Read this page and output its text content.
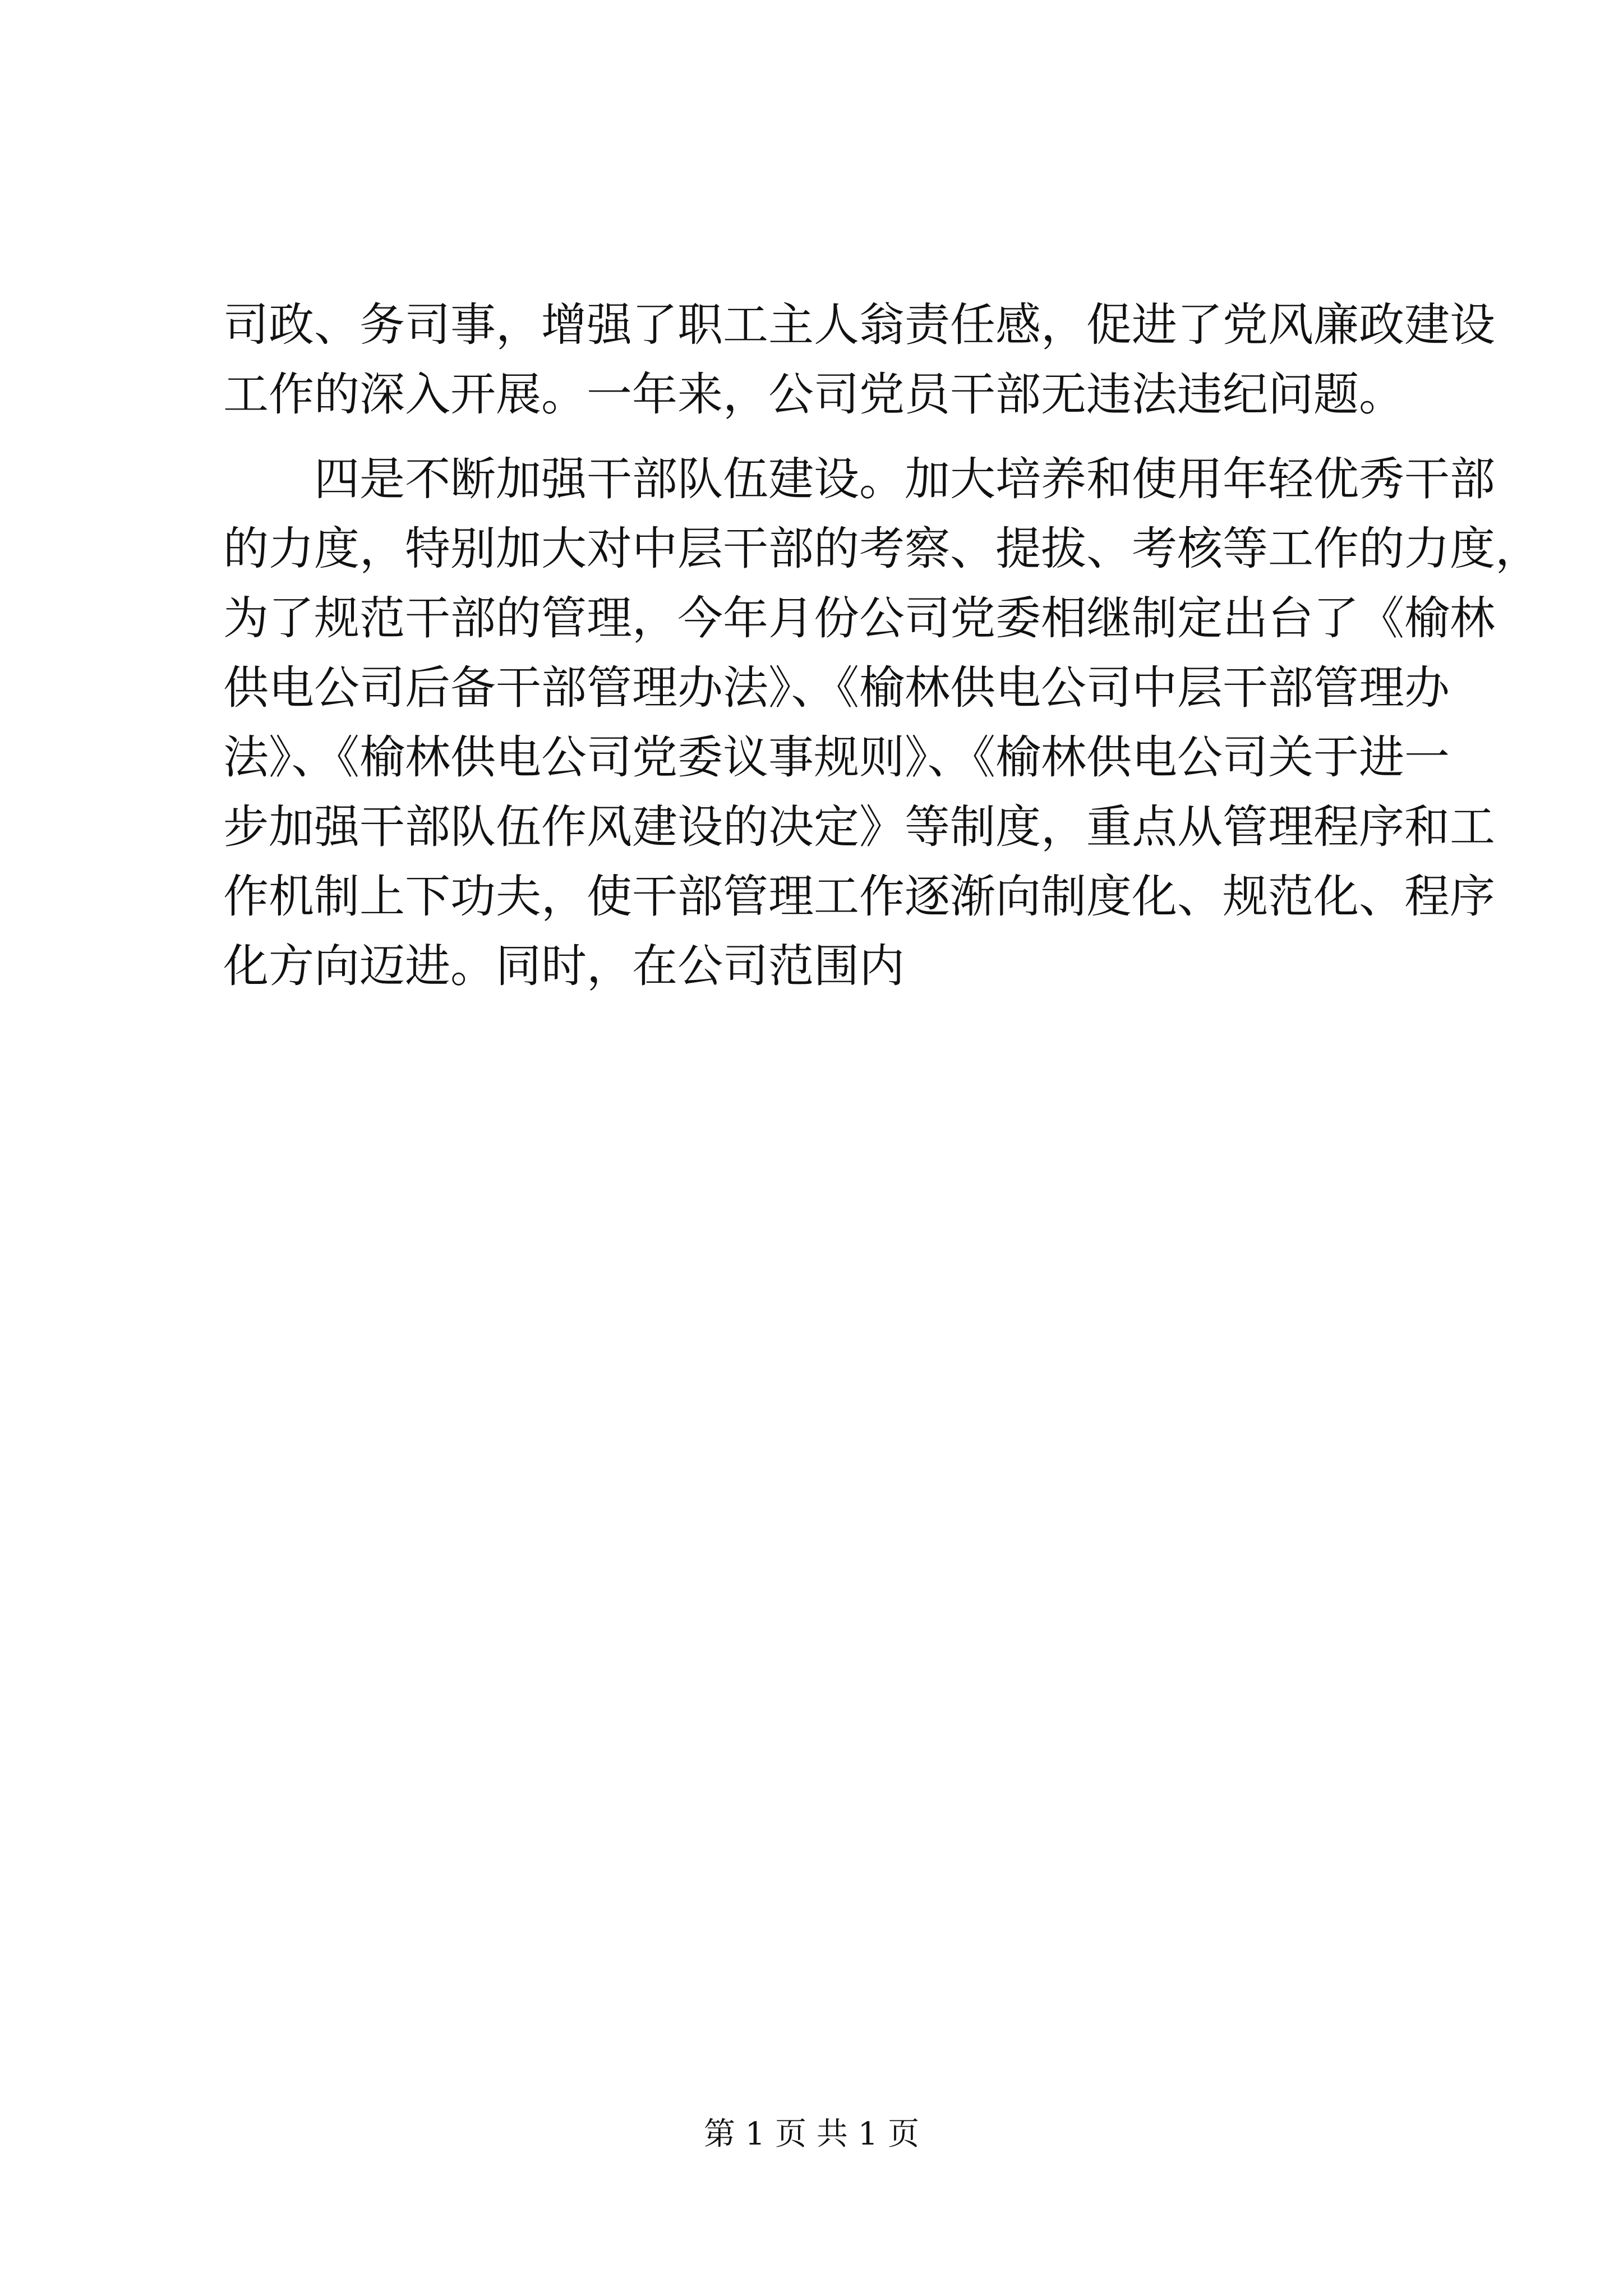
司政、务司事，增强了职工主人翁责任感，促进了党风廉政建设
工作的深入开展。一年来，公司党员干部无违法违纪问题。
四是不断加强干部队伍建设。加大培养和使用年轻优秀干部
的力度，特别加大对中层干部的考察、提拔、考核等工作的力度，
为了规范干部的管理，今年月份公司党委相继制定出台了《榆林
供电公司后备干部管理办法》、《榆林供电公司中层干部管理办
法》、《榆林供电公司党委议事规则》、《榆林供电公司关于进一
步加强干部队伍作风建设的决定》等制度，重点从管理程序和工
作机制上下功夫，使干部管理工作逐渐向制度化、规范化、程序
化方向迈进。同时，在公司范围内
第 1 页 共 1 页
